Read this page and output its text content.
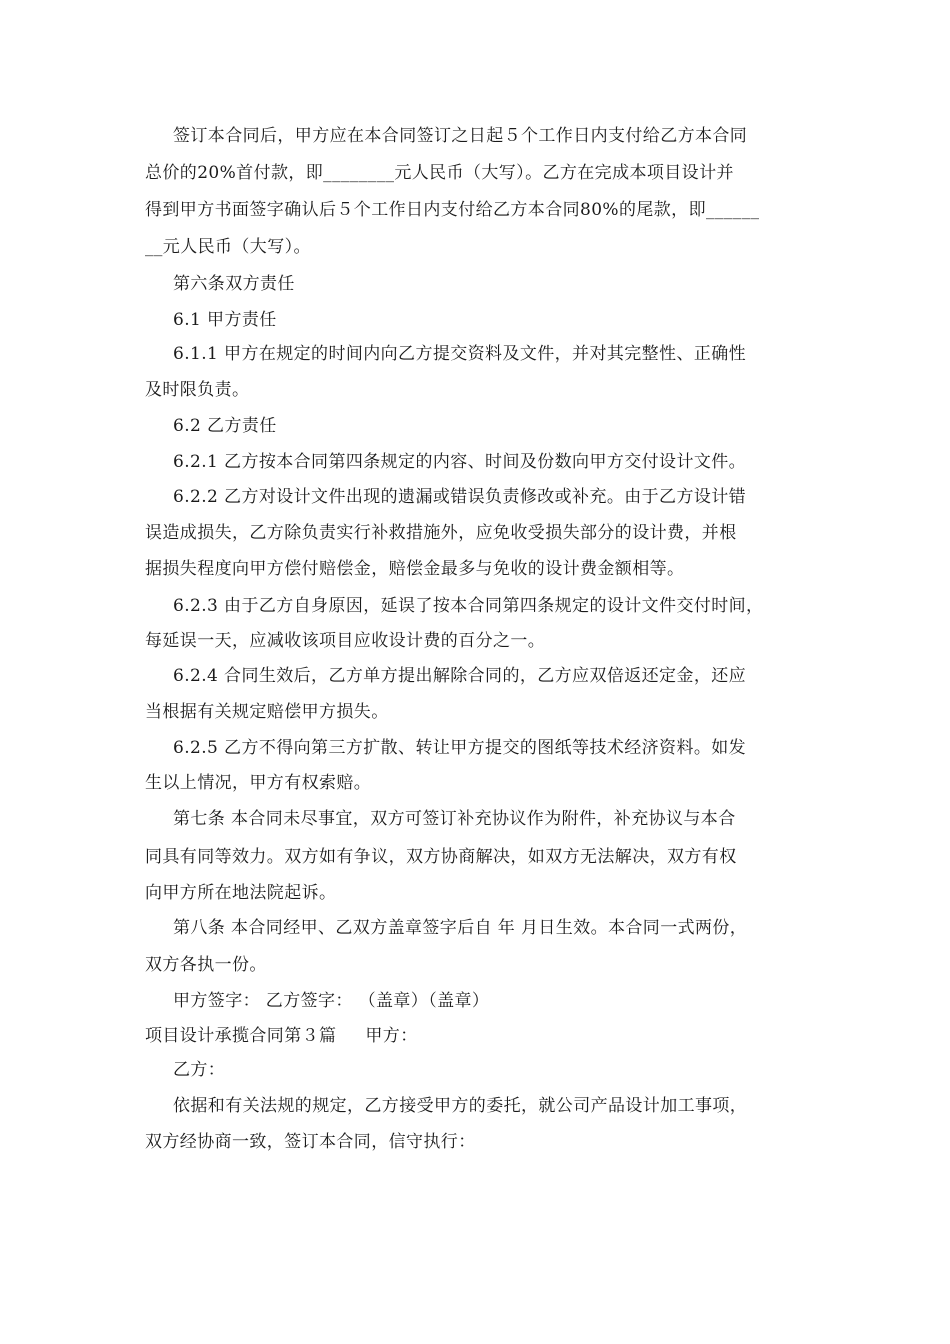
签订本合同后，甲方应在本合同签订之日起５个工作日内支付给乙方本合同
总价的20%首付款，即________元人民币（大写）。乙方在完成本项目设计并
得到甲方书面签字确认后５个工作日内支付给乙方本合同80%的尾款，即______
__元人民币（大写）。
第六条双方责任
6.1 甲方责任
6.1.1 甲方在规定的时间内向乙方提交资料及文件，并对其完整性、正确性
及时限负责。
6.2 乙方责任
6.2.1 乙方按本合同第四条规定的内容、时间及份数向甲方交付设计文件。
6.2.2 乙方对设计文件出现的遗漏或错误负责修改或补充。由于乙方设计错
误造成损失，乙方除负责实行补救措施外，应免收受损失部分的设计费，并根
据损失程度向甲方偿付赔偿金，赔偿金最多与免收的设计费金额相等。
6.2.3 由于乙方自身原因，延误了按本合同第四条规定的设计文件交付时间，
每延误一天，应减收该项目应收设计费的百分之一。
6.2.4 合同生效后，乙方单方提出解除合同的，乙方应双倍返还定金，还应
当根据有关规定赔偿甲方损失。
6.2.5 乙方不得向第三方扩散、转让甲方提交的图纸等技术经济资料。如发
生以上情况，甲方有权索赔。
第七条 本合同未尽事宜，双方可签订补充协议作为附件，补充协议与本合
同具有同等效力。双方如有争议，双方协商解决，如双方无法解决，双方有权
向甲方所在地法院起诉。
第八条 本合同经甲、乙双方盖章签字后自 年 月日生效。本合同一式两份，
双方各执一份。
甲方签字： 乙方签字： （盖章）（盖章）
项目设计承揽合同第３篇 　 甲方：
乙方：
依据和有关法规的规定，乙方接受甲方的委托，就公司产品设计加工事项，
双方经协商一致，签订本合同，信守执行：
